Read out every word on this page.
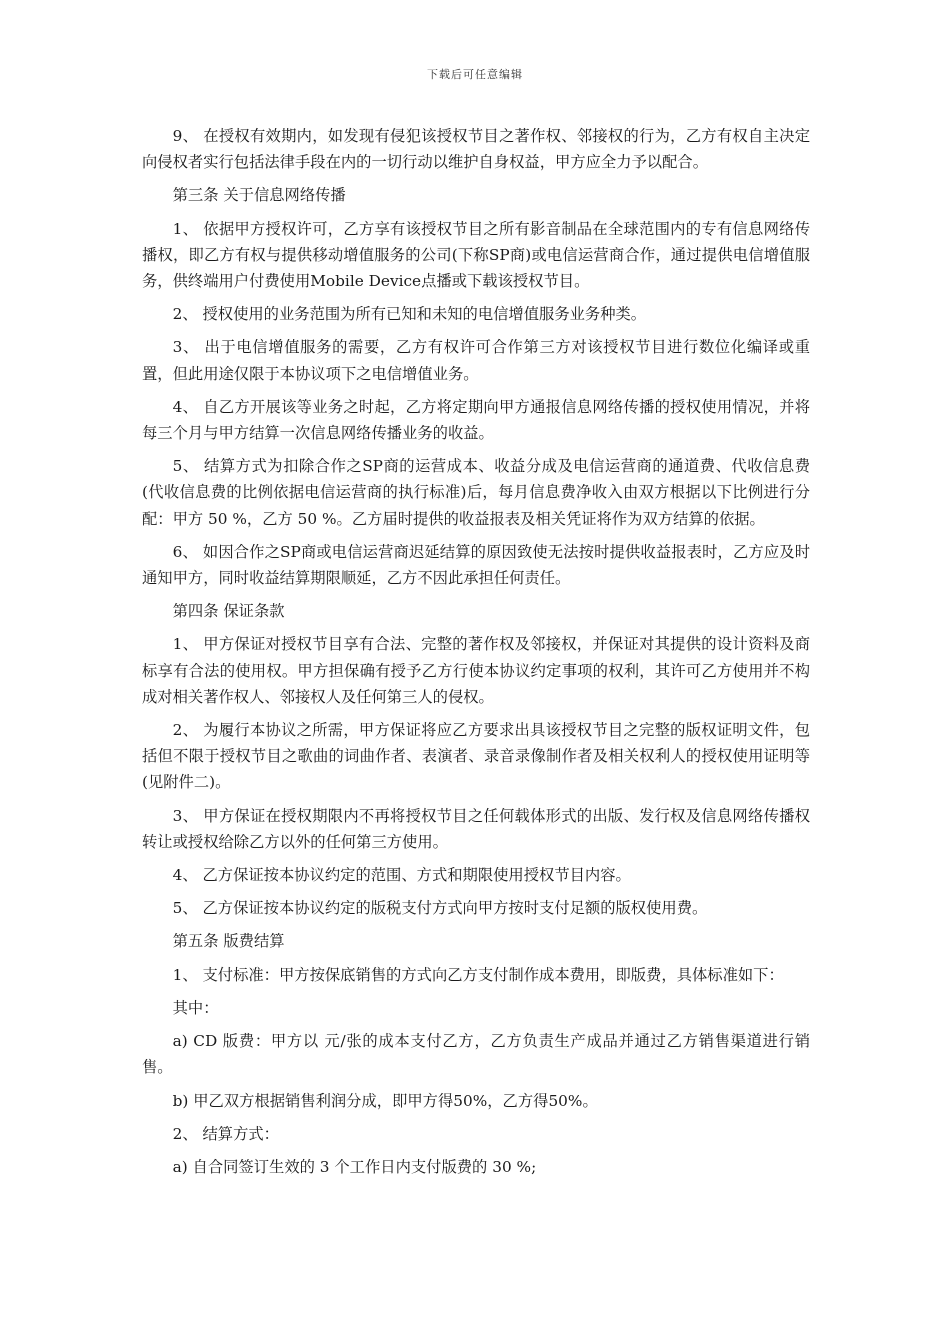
下载后可任意编辑

9、 在授权有效期内，如发现有侵犯该授权节目之著作权、邻接权的行为，乙方有权自主决定向侵权者实行包括法律手段在内的一切行动以维护自身权益，甲方应全力予以配合。

第三条 关于信息网络传播

1、 依据甲方授权许可，乙方享有该授权节目之所有影音制品在全球范围内的专有信息网络传播权，即乙方有权与提供移动增值服务的公司(下称SP商)或电信运营商合作，通过提供电信增值服务，供终端用户付费使用Mobile Device点播或下载该授权节目。

2、 授权使用的业务范围为所有已知和未知的电信增值服务业务种类。

3、 出于电信增值服务的需要，乙方有权许可合作第三方对该授权节目进行数位化编译或重置，但此用途仅限于本协议项下之电信增值业务。

4、 自乙方开展该等业务之时起，乙方将定期向甲方通报信息网络传播的授权使用情况，并将每三个月与甲方结算一次信息网络传播业务的收益。

5、 结算方式为扣除合作之SP商的运营成本、收益分成及电信运营商的通道费、代收信息费(代收信息费的比例依据电信运营商的执行标准)后，每月信息费净收入由双方根据以下比例进行分配：甲方 50 %，乙方 50 %。乙方届时提供的收益报表及相关凭证将作为双方结算的依据。

6、 如因合作之SP商或电信运营商迟延结算的原因致使无法按时提供收益报表时，乙方应及时通知甲方，同时收益结算期限顺延，乙方不因此承担任何责任。

第四条 保证条款

1、 甲方保证对授权节目享有合法、完整的著作权及邻接权，并保证对其提供的设计资料及商标享有合法的使用权。甲方担保确有授予乙方行使本协议约定事项的权利，其许可乙方使用并不构成对相关著作权人、邻接权人及任何第三人的侵权。

2、 为履行本协议之所需，甲方保证将应乙方要求出具该授权节目之完整的版权证明文件，包括但不限于授权节目之歌曲的词曲作者、表演者、录音录像制作者及相关权利人的授权使用证明等(见附件二)。

3、 甲方保证在授权期限内不再将授权节目之任何载体形式的出版、发行权及信息网络传播权转让或授权给除乙方以外的任何第三方使用。

4、 乙方保证按本协议约定的范围、方式和期限使用授权节目内容。

5、 乙方保证按本协议约定的版税支付方式向甲方按时支付足额的版权使用费。

第五条 版费结算

1、 支付标准：甲方按保底销售的方式向乙方支付制作成本费用，即版费，具体标准如下：

其中：

a) CD 版费：甲方以 元/张的成本支付乙方，乙方负责生产成品并通过乙方销售渠道进行销售。

b) 甲乙双方根据销售利润分成，即甲方得50%，乙方得50%。

2、 结算方式：

a) 自合同签订生效的 3 个工作日内支付版费的 30 %;
